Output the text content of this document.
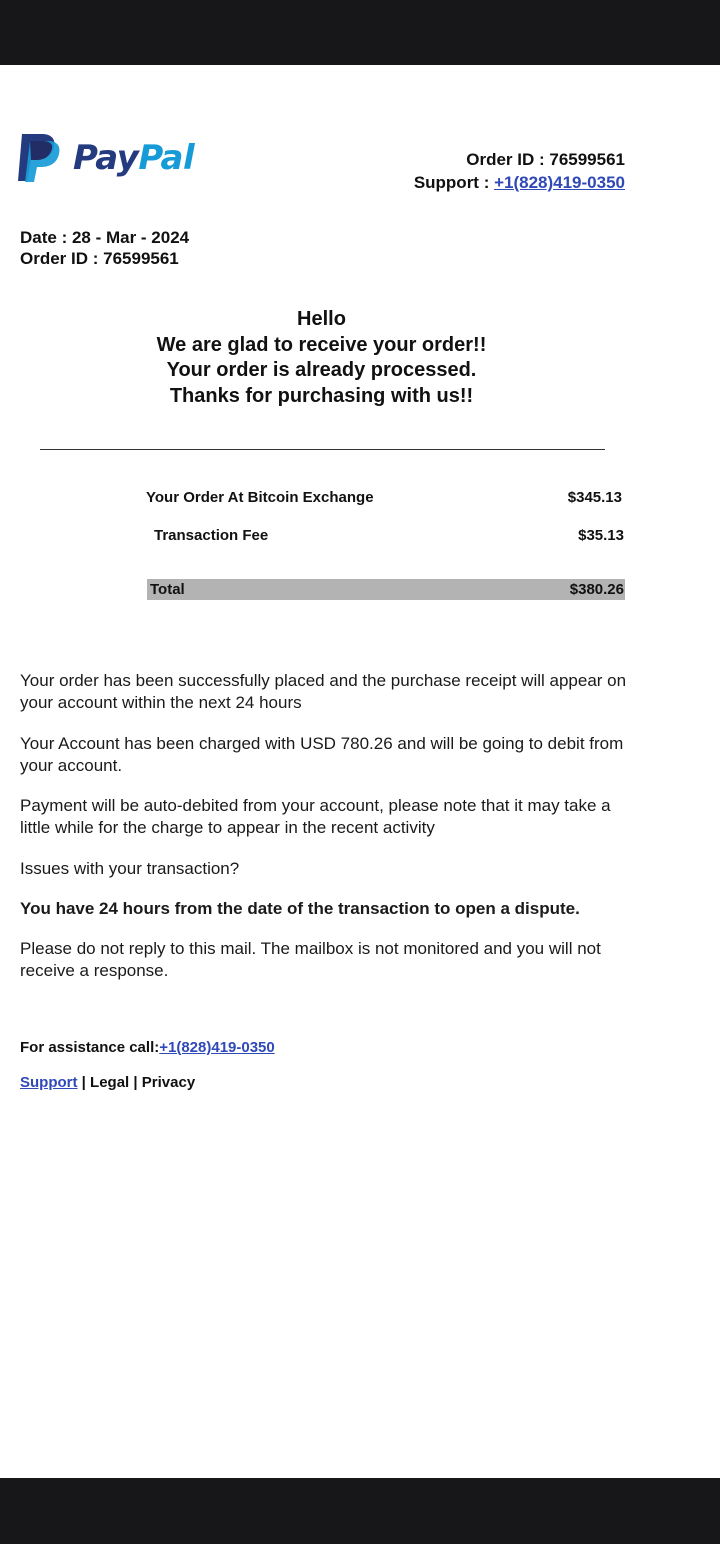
PayPal	Order ID : 76599561
Support : +1(828)419-0350
Date : 28 - Mar - 2024
Order ID : 76599561
Hello
We are glad to receive your order!!
Your order is already processed.
Thanks for purchasing with us!!
Your Order At Bitcoin Exchange	$345.13
Transaction Fee	$35.13
Total	$380.26

Your order has been successfully placed and the purchase receipt will appear on your account within the next 24 hours

Your Account has been charged with USD 780.26 and will be going to debit from your account.

Payment will be auto-debited from your account, please note that it may take a little while for the charge to appear in the recent activity

Issues with your transaction?

You have 24 hours from the date of the transaction to open a dispute.

Please do not reply to this mail. The mailbox is not monitored and you will not receive a response.

For assistance call:+1(828)419-0350
Support | Legal | Privacy
